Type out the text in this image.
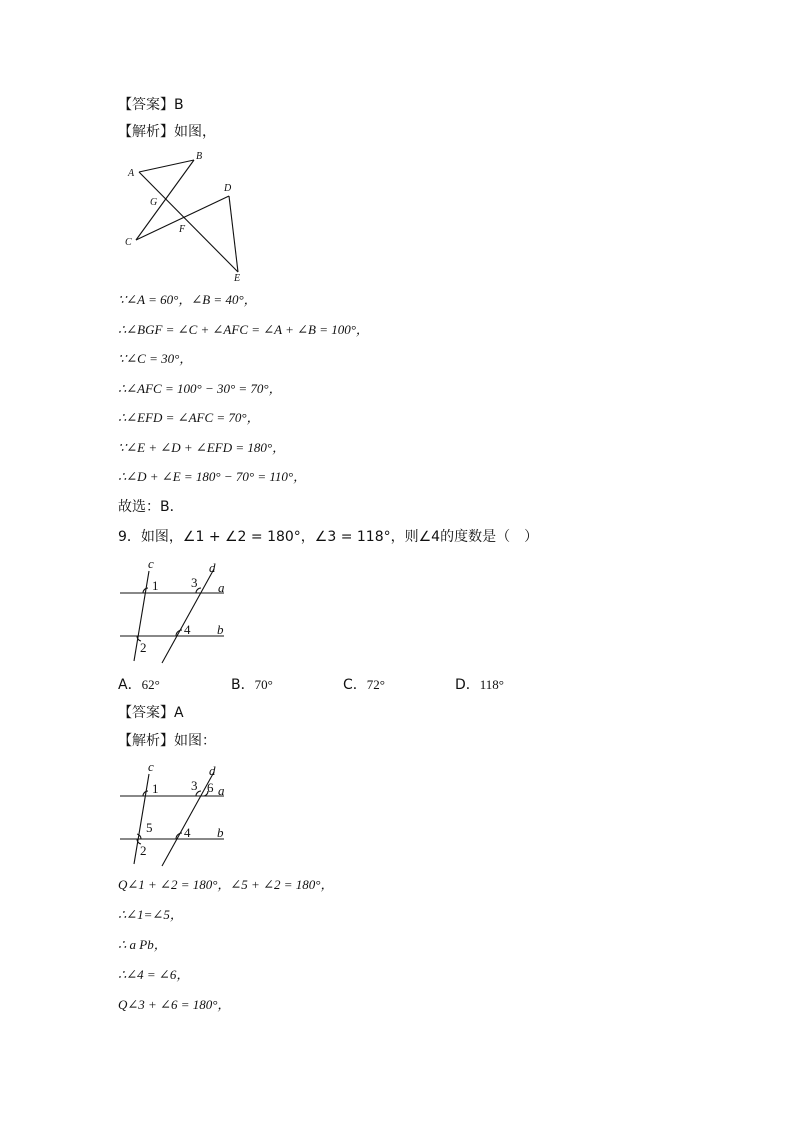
【答案】B
【解析】如图，
A
B
G
D
C
F
E
∵∠A = 60°，∠B = 40°，
∴∠BGF = ∠C + ∠AFC = ∠A + ∠B = 100°，
∵∠C = 30°，
∴∠AFC = 100° − 30° = 70°，
∴∠EFD = ∠AFC = 70°，
∵∠E + ∠D + ∠EFD = 180°，
∴∠D + ∠E = 180° − 70° = 110°，
故选：B．
9．如图，∠1 + ∠2 = 180°，∠3 = 118°，则∠4的度数是（　）
c	d
a
b
1
2
3
4
A．62°	B．70°	C．72°	D．118°
【答案】A
【解析】如图：
c	d
a
b
1
2
3
4
5
6
Q∠1 + ∠2 = 180°，∠5 + ∠2 = 180°，
∴∠1=∠5，
∴ a Pb，
∴∠4 = ∠6，
Q∠3 + ∠6 = 180°，
